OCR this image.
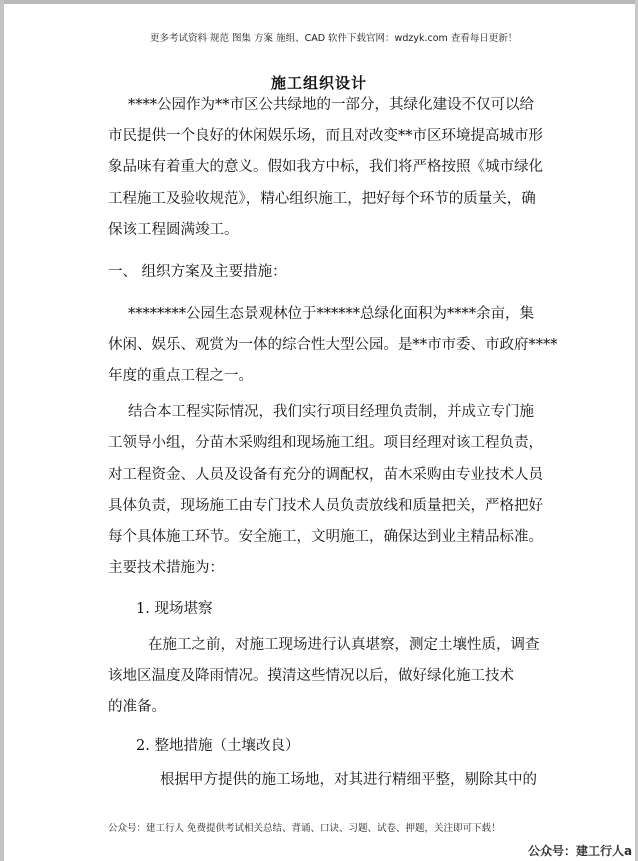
更多考试资料 规范 图集 方案 施组、CAD 软件下载官网：wdzyk.com 查看每日更新！
施工组织设计
****公园作为**市区公共绿地的一部分，其绿化建设不仅可以给
市民提供一个良好的休闲娱乐场，而且对改变**市区环境提高城市形
象品味有着重大的意义。假如我方中标，我们将严格按照《城市绿化
工程施工及验收规范》，精心组织施工，把好每个环节的质量关，确
保该工程圆满竣工。
一、 组织方案及主要措施：
********公园生态景观林位于******总绿化面积为****余亩，集
休闲、娱乐、观赏为一体的综合性大型公园。是**市市委、市政府****
年度的重点工程之一。
结合本工程实际情况，我们实行项目经理负责制，并成立专门施
工领导小组，分苗木采购组和现场施工组。项目经理对该工程负责，
对工程资金、人员及设备有充分的调配权，苗木采购由专业技术人员
具体负责，现场施工由专门技术人员负责放线和质量把关，严格把好
每个具体施工环节。安全施工，文明施工，确保达到业主精品标准。
主要技术措施为：
1. 现场堪察
在施工之前，对施工现场进行认真堪察，测定土壤性质，调查
该地区温度及降雨情况。摸清这些情况以后，做好绿化施工技术
的准备。
2. 整地措施（土壤改良）
根据甲方提供的施工场地，对其进行精细平整，剔除其中的
公众号：建工行人 免费提供考试相关总结、背诵、口诀、习题、试卷、押题，关注即可下载！
公众号：建工行人a
